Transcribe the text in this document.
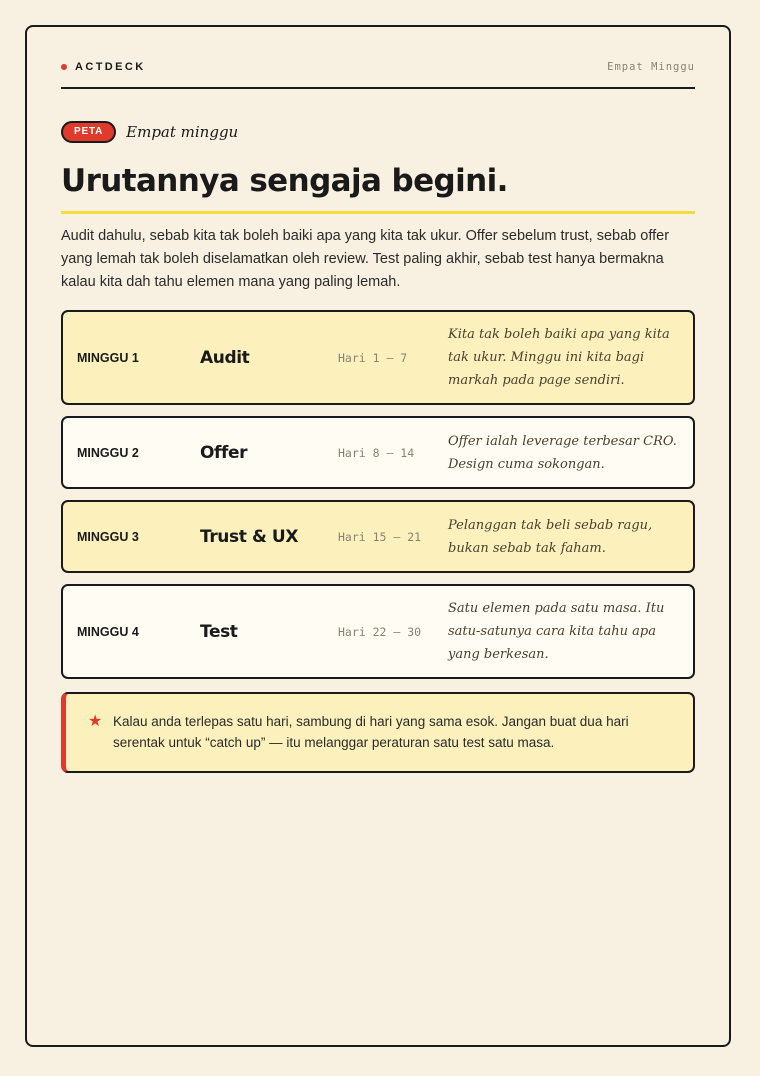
ACTDECK	Empat Minggu
PETA	Empat minggu
Urutannya sengaja begini.

Audit dahulu, sebab kita tak boleh baiki apa yang kita tak ukur. Offer sebelum trust, sebab offer yang lemah tak boleh diselamatkan oleh review. Test paling akhir, sebab test hanya bermakna kalau kita dah tahu elemen mana yang paling lemah.

MINGGU 1	Audit	Hari 1 — 7
Kita tak boleh baiki apa yang kita tak ukur. Minggu ini kita bagi markah pada page sendiri.
MINGGU 2	Offer	Hari 8 — 14
Offer ialah leverage terbesar CRO. Design cuma sokongan.
MINGGU 3	Trust & UX	Hari 15 — 21
Pelanggan tak beli sebab ragu, bukan sebab tak faham.
MINGGU 4	Test	Hari 22 — 30
Satu elemen pada satu masa. Itu satu-satunya cara kita tahu apa yang berkesan.
★ Kalau anda terlepas satu hari, sambung di hari yang sama esok. Jangan buat dua hari serentak untuk “catch up” — itu melanggar peraturan satu test satu masa.
